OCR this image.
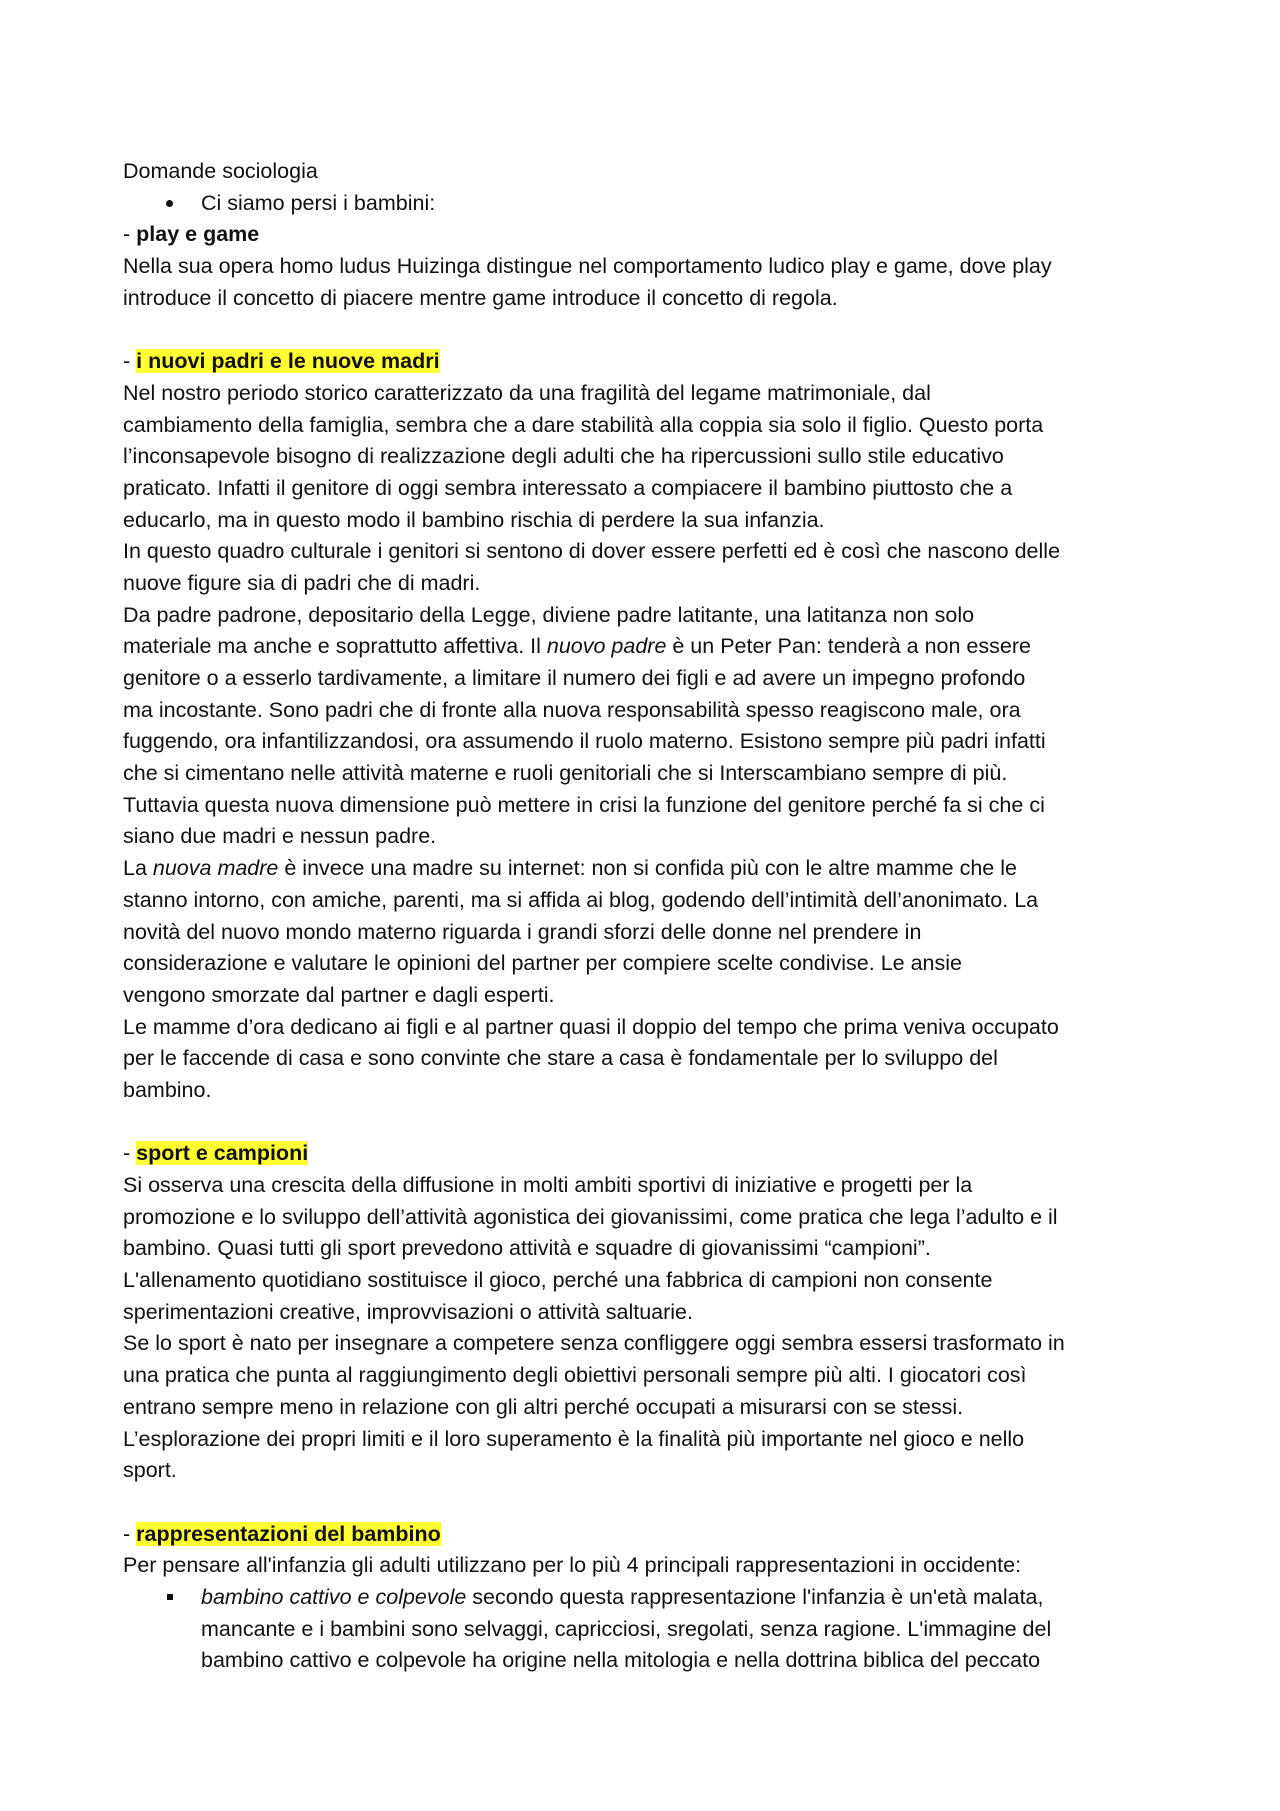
Domande sociologia
Ci siamo persi i bambini:
- play e game
Nella sua opera homo ludus Huizinga distingue nel comportamento ludico play e game, dove play
introduce il concetto di piacere mentre game introduce il concetto di regola.
- i nuovi padri e le nuove madri
Nel nostro periodo storico caratterizzato da una fragilità del legame matrimoniale, dal
cambiamento della famiglia, sembra che a dare stabilità alla coppia sia solo il figlio. Questo porta
l’inconsapevole bisogno di realizzazione degli adulti che ha ripercussioni sullo stile educativo
praticato. Infatti il genitore di oggi sembra interessato a compiacere il bambino piuttosto che a
educarlo, ma in questo modo il bambino rischia di perdere la sua infanzia.
In questo quadro culturale i genitori si sentono di dover essere perfetti ed è così che nascono delle
nuove figure sia di padri che di madri.
Da padre padrone, depositario della Legge, diviene padre latitante, una latitanza non solo
materiale ma anche e soprattutto affettiva. Il nuovo padre è un Peter Pan: tenderà a non essere
genitore o a esserlo tardivamente, a limitare il numero dei figli e ad avere un impegno profondo
ma incostante. Sono padri che di fronte alla nuova responsabilità spesso reagiscono male, ora
fuggendo, ora infantilizzandosi, ora assumendo il ruolo materno. Esistono sempre più padri infatti
che si cimentano nelle attività materne e ruoli genitoriali che si Interscambiano sempre di più.
Tuttavia questa nuova dimensione può mettere in crisi la funzione del genitore perché fa si che ci
siano due madri e nessun padre.
La nuova madre è invece una madre su internet: non si confida più con le altre mamme che le
stanno intorno, con amiche, parenti, ma si affida ai blog, godendo dell’intimità dell’anonimato. La
novità del nuovo mondo materno riguarda i grandi sforzi delle donne nel prendere in
considerazione e valutare le opinioni del partner per compiere scelte condivise. Le ansie
vengono smorzate dal partner e dagli esperti.
Le mamme d’ora dedicano ai figli e al partner quasi il doppio del tempo che prima veniva occupato
per le faccende di casa e sono convinte che stare a casa è fondamentale per lo sviluppo del
bambino.
- sport e campioni
Si osserva una crescita della diffusione in molti ambiti sportivi di iniziative e progetti per la
promozione e lo sviluppo dell’attività agonistica dei giovanissimi, come pratica che lega l’adulto e il
bambino. Quasi tutti gli sport prevedono attività e squadre di giovanissimi “campioni”.
L'allenamento quotidiano sostituisce il gioco, perché una fabbrica di campioni non consente
sperimentazioni creative, improvvisazioni o attività saltuarie.
Se lo sport è nato per insegnare a competere senza confliggere oggi sembra essersi trasformato in
una pratica che punta al raggiungimento degli obiettivi personali sempre più alti. I giocatori così
entrano sempre meno in relazione con gli altri perché occupati a misurarsi con se stessi.
L’esplorazione dei propri limiti e il loro superamento è la finalità più importante nel gioco e nello
sport.
- rappresentazioni del bambino
Per pensare all'infanzia gli adulti utilizzano per lo più 4 principali rappresentazioni in occidente:
bambino cattivo e colpevole secondo questa rappresentazione l'infanzia è un'età malata,
mancante e i bambini sono selvaggi, capricciosi, sregolati, senza ragione. L'immagine del
bambino cattivo e colpevole ha origine nella mitologia e nella dottrina biblica del peccato
